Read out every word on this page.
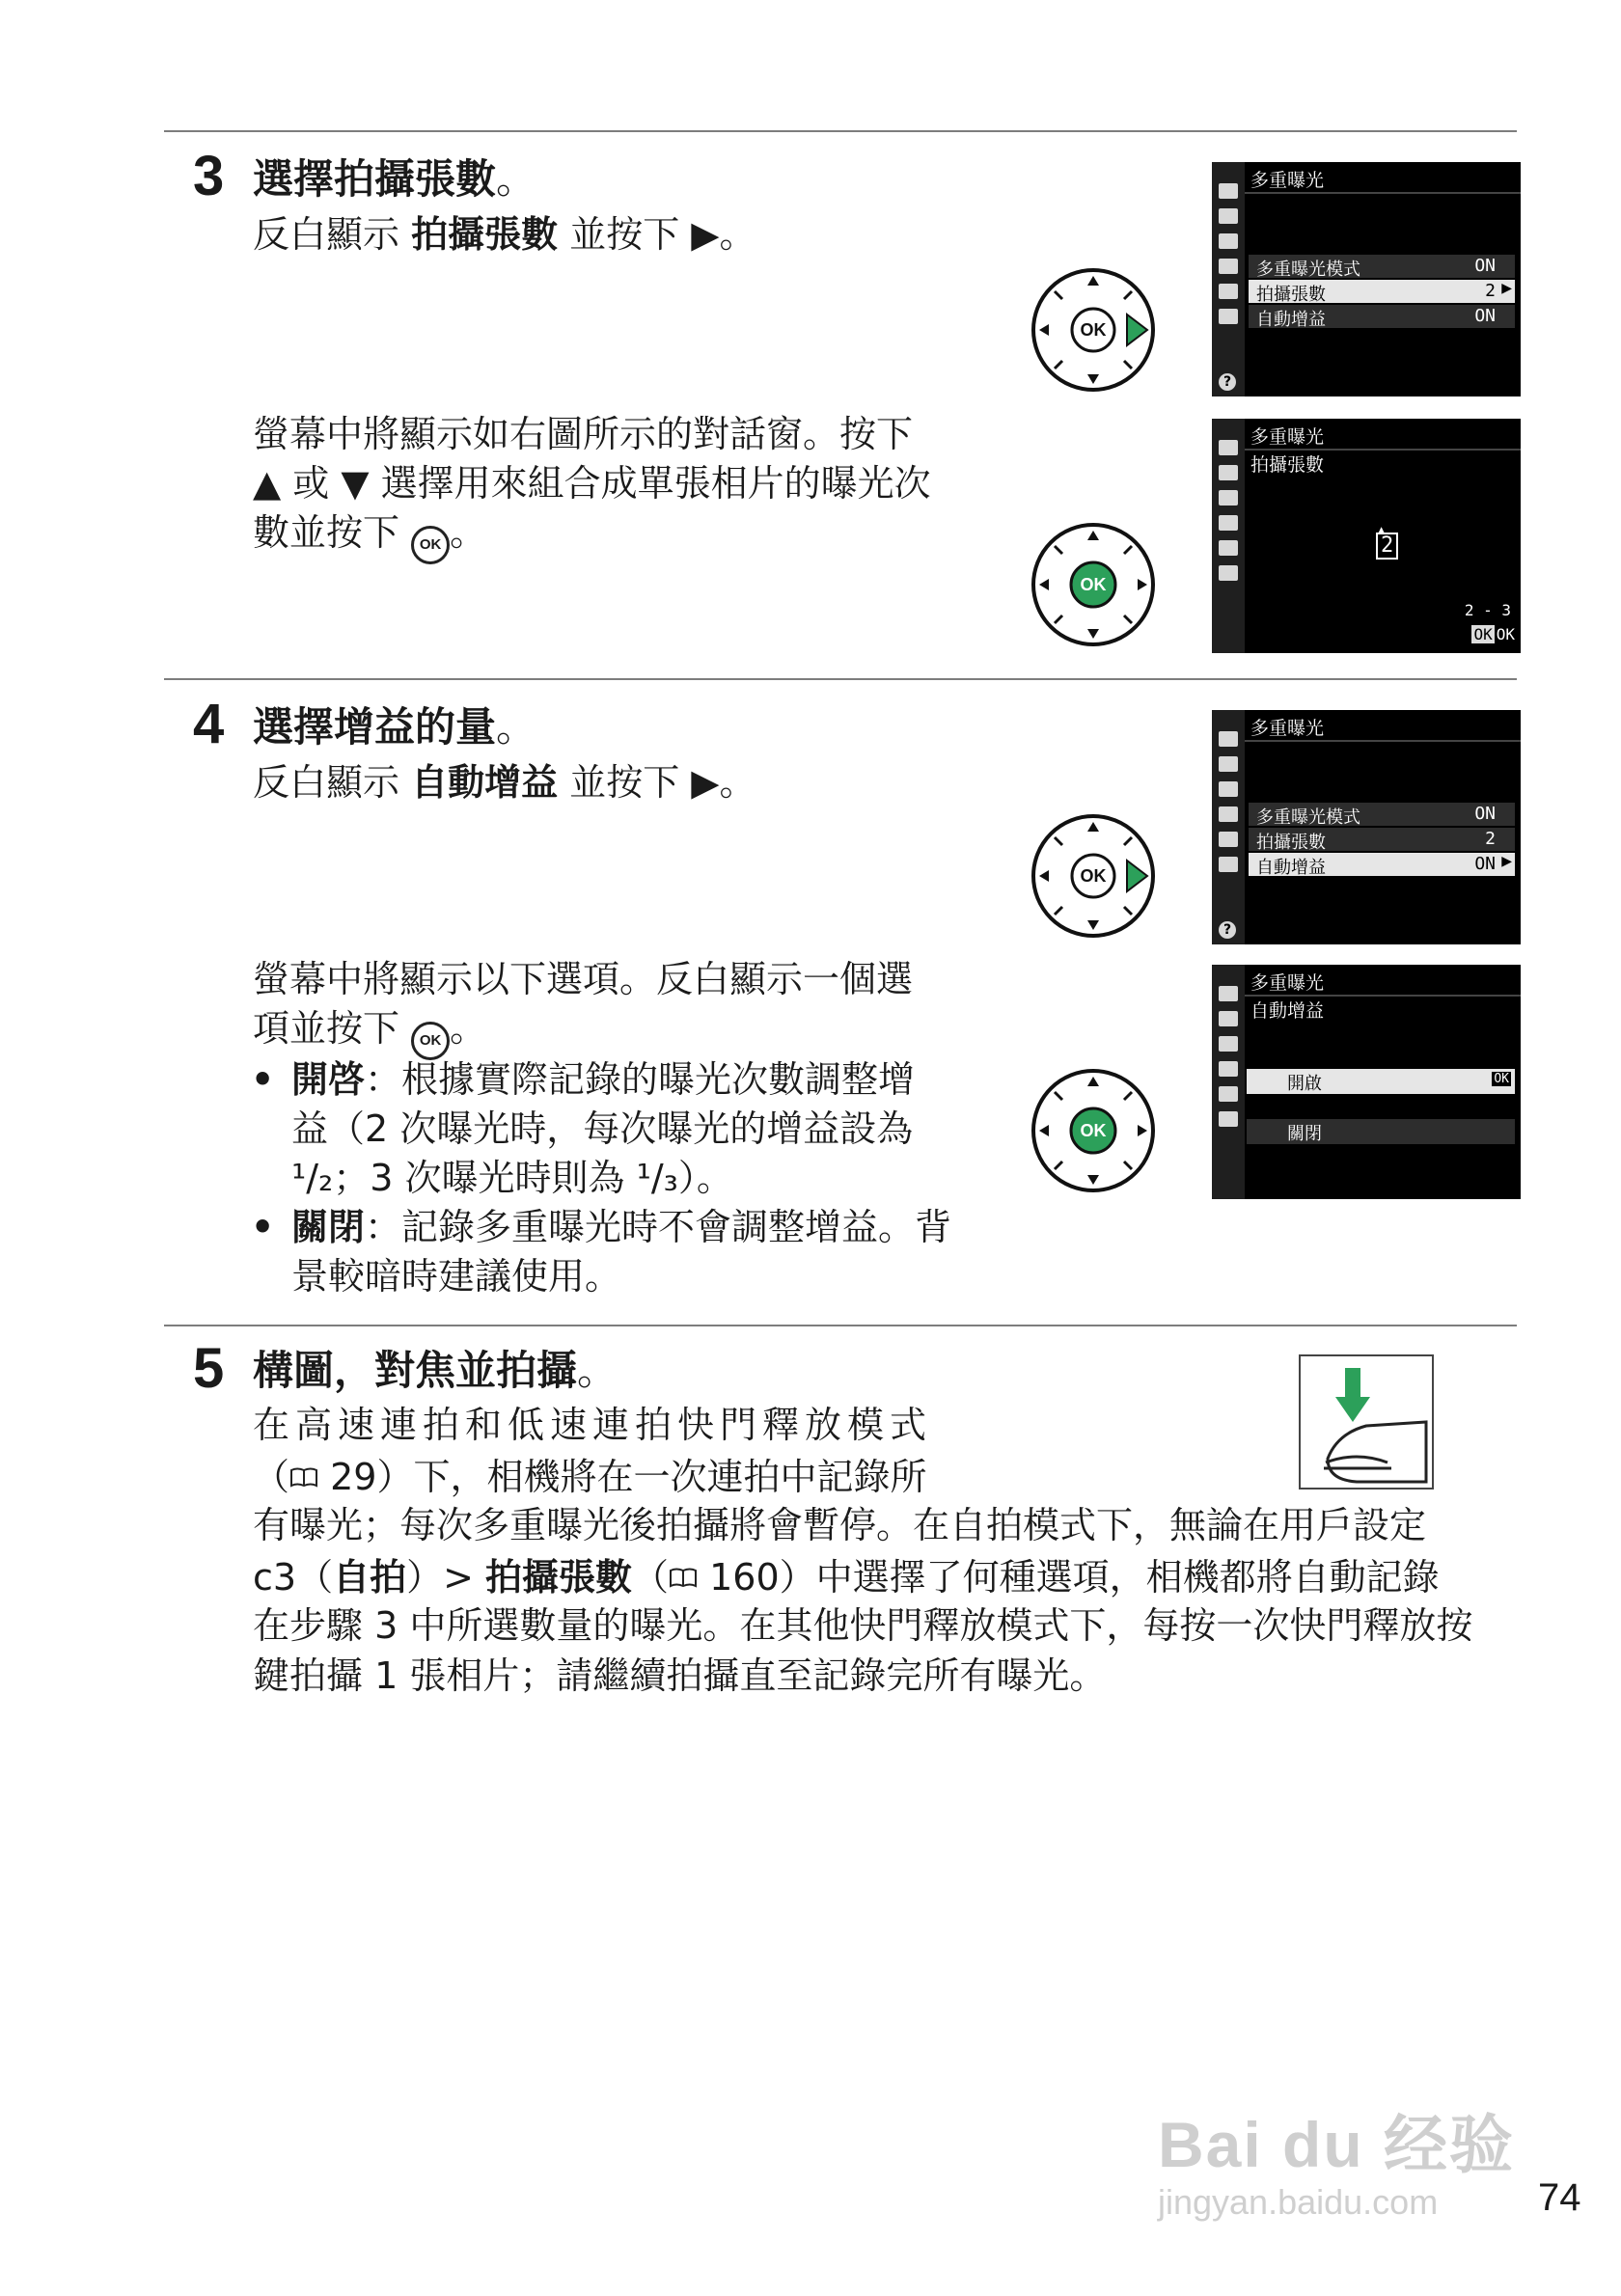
3 選擇拍攝張數。
反白顯示 拍攝張數 並按下 ▶。
螢幕中將顯示如右圖所示的對話窗。按下
▲ 或 ▼ 選擇用來組合成單張相片的曝光次
數並按下 OK 。
OK
OK
?
多重曝光
多重曝光模式	ON
拍攝張數	2 ▶
自動增益	ON
多重曝光
拍攝張數
▲
2
2 - 3
OK OK
4 選擇增益的量。
反白顯示 自動增益 並按下 ▶。
螢幕中將顯示以下選項。反白顯示一個選
項並按下 OK 。
• 開啓：根據實際記錄的曝光次數調整增
益（2 次曝光時，每次曝光的增益設為
¹/₂；3 次曝光時則為 ¹/₃）。
• 關閉：記錄多重曝光時不會調整增益。背
景較暗時建議使用。
OK
OK
?
多重曝光
多重曝光模式	ON
拍攝張數	2
自動增益	ON ▶
多重曝光
自動增益
開啟	OK
關閉
5 構圖，對焦並拍攝。
在高速連拍和低速連拍快門釋放模式
（ 29）下，相機將在一次連拍中記錄所
有曝光；每次多重曝光後拍攝將會暫停。在自拍模式下，無論在用戶設定
c3（自拍）> 拍攝張數（ 160）中選擇了何種選項，相機都將自動記錄
在步驟 3 中所選數量的曝光。在其他快門釋放模式下，每按一次快門釋放按
鍵拍攝 1 張相片；請繼續拍攝直至記錄完所有曝光。
Bai du 经验
jingyan.baidu.com	74
